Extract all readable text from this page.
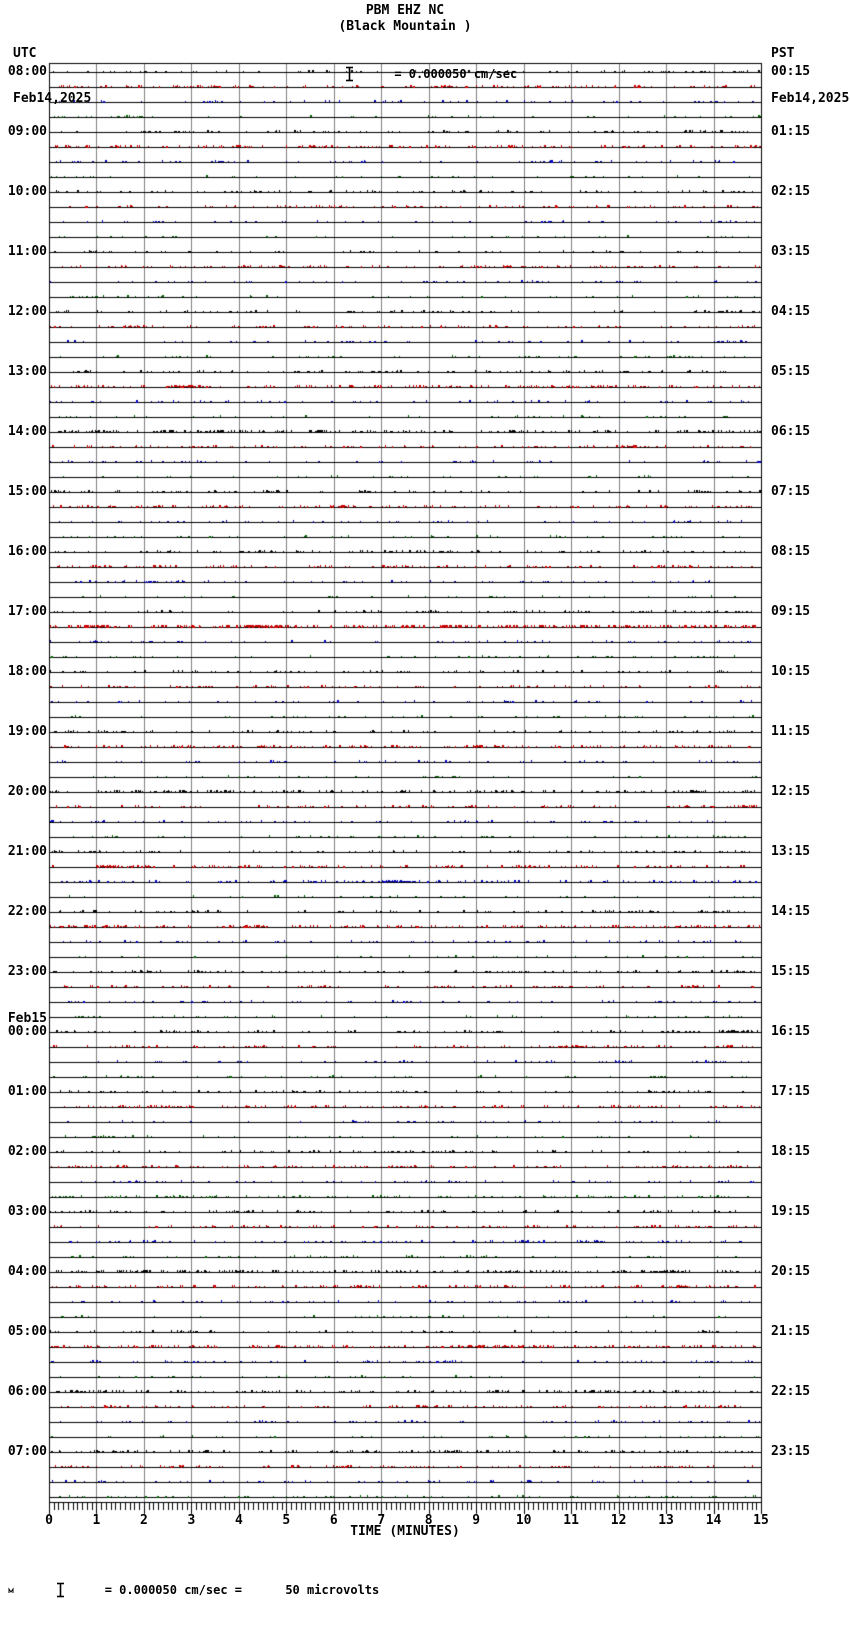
PBM EHZ NC
(Black Mountain )

= 0.000050 cm/sec

UTC

Feb14,2025

PST

Feb14,2025

08:00
09:00
10:00
11:00
12:00
13:00
14:00
15:00
16:00
17:00
18:00
19:00
20:00
21:00
22:00
23:00
00:00
Feb15
01:00
02:00
03:00
04:00
05:00
06:00
07:00
00:15
01:15
02:15
03:15
04:15
05:15
06:15
07:15
08:15
09:15
10:15
11:15
12:15
13:15
14:15
15:15
16:15
17:15
18:15
19:15
20:15
21:15
22:15
23:15
0	1	2	3	4	5	6	7	8	9	10 11 12 13 14 15
TIME (MINUTES)

= 0.000050 cm/sec =      50 microvolts
